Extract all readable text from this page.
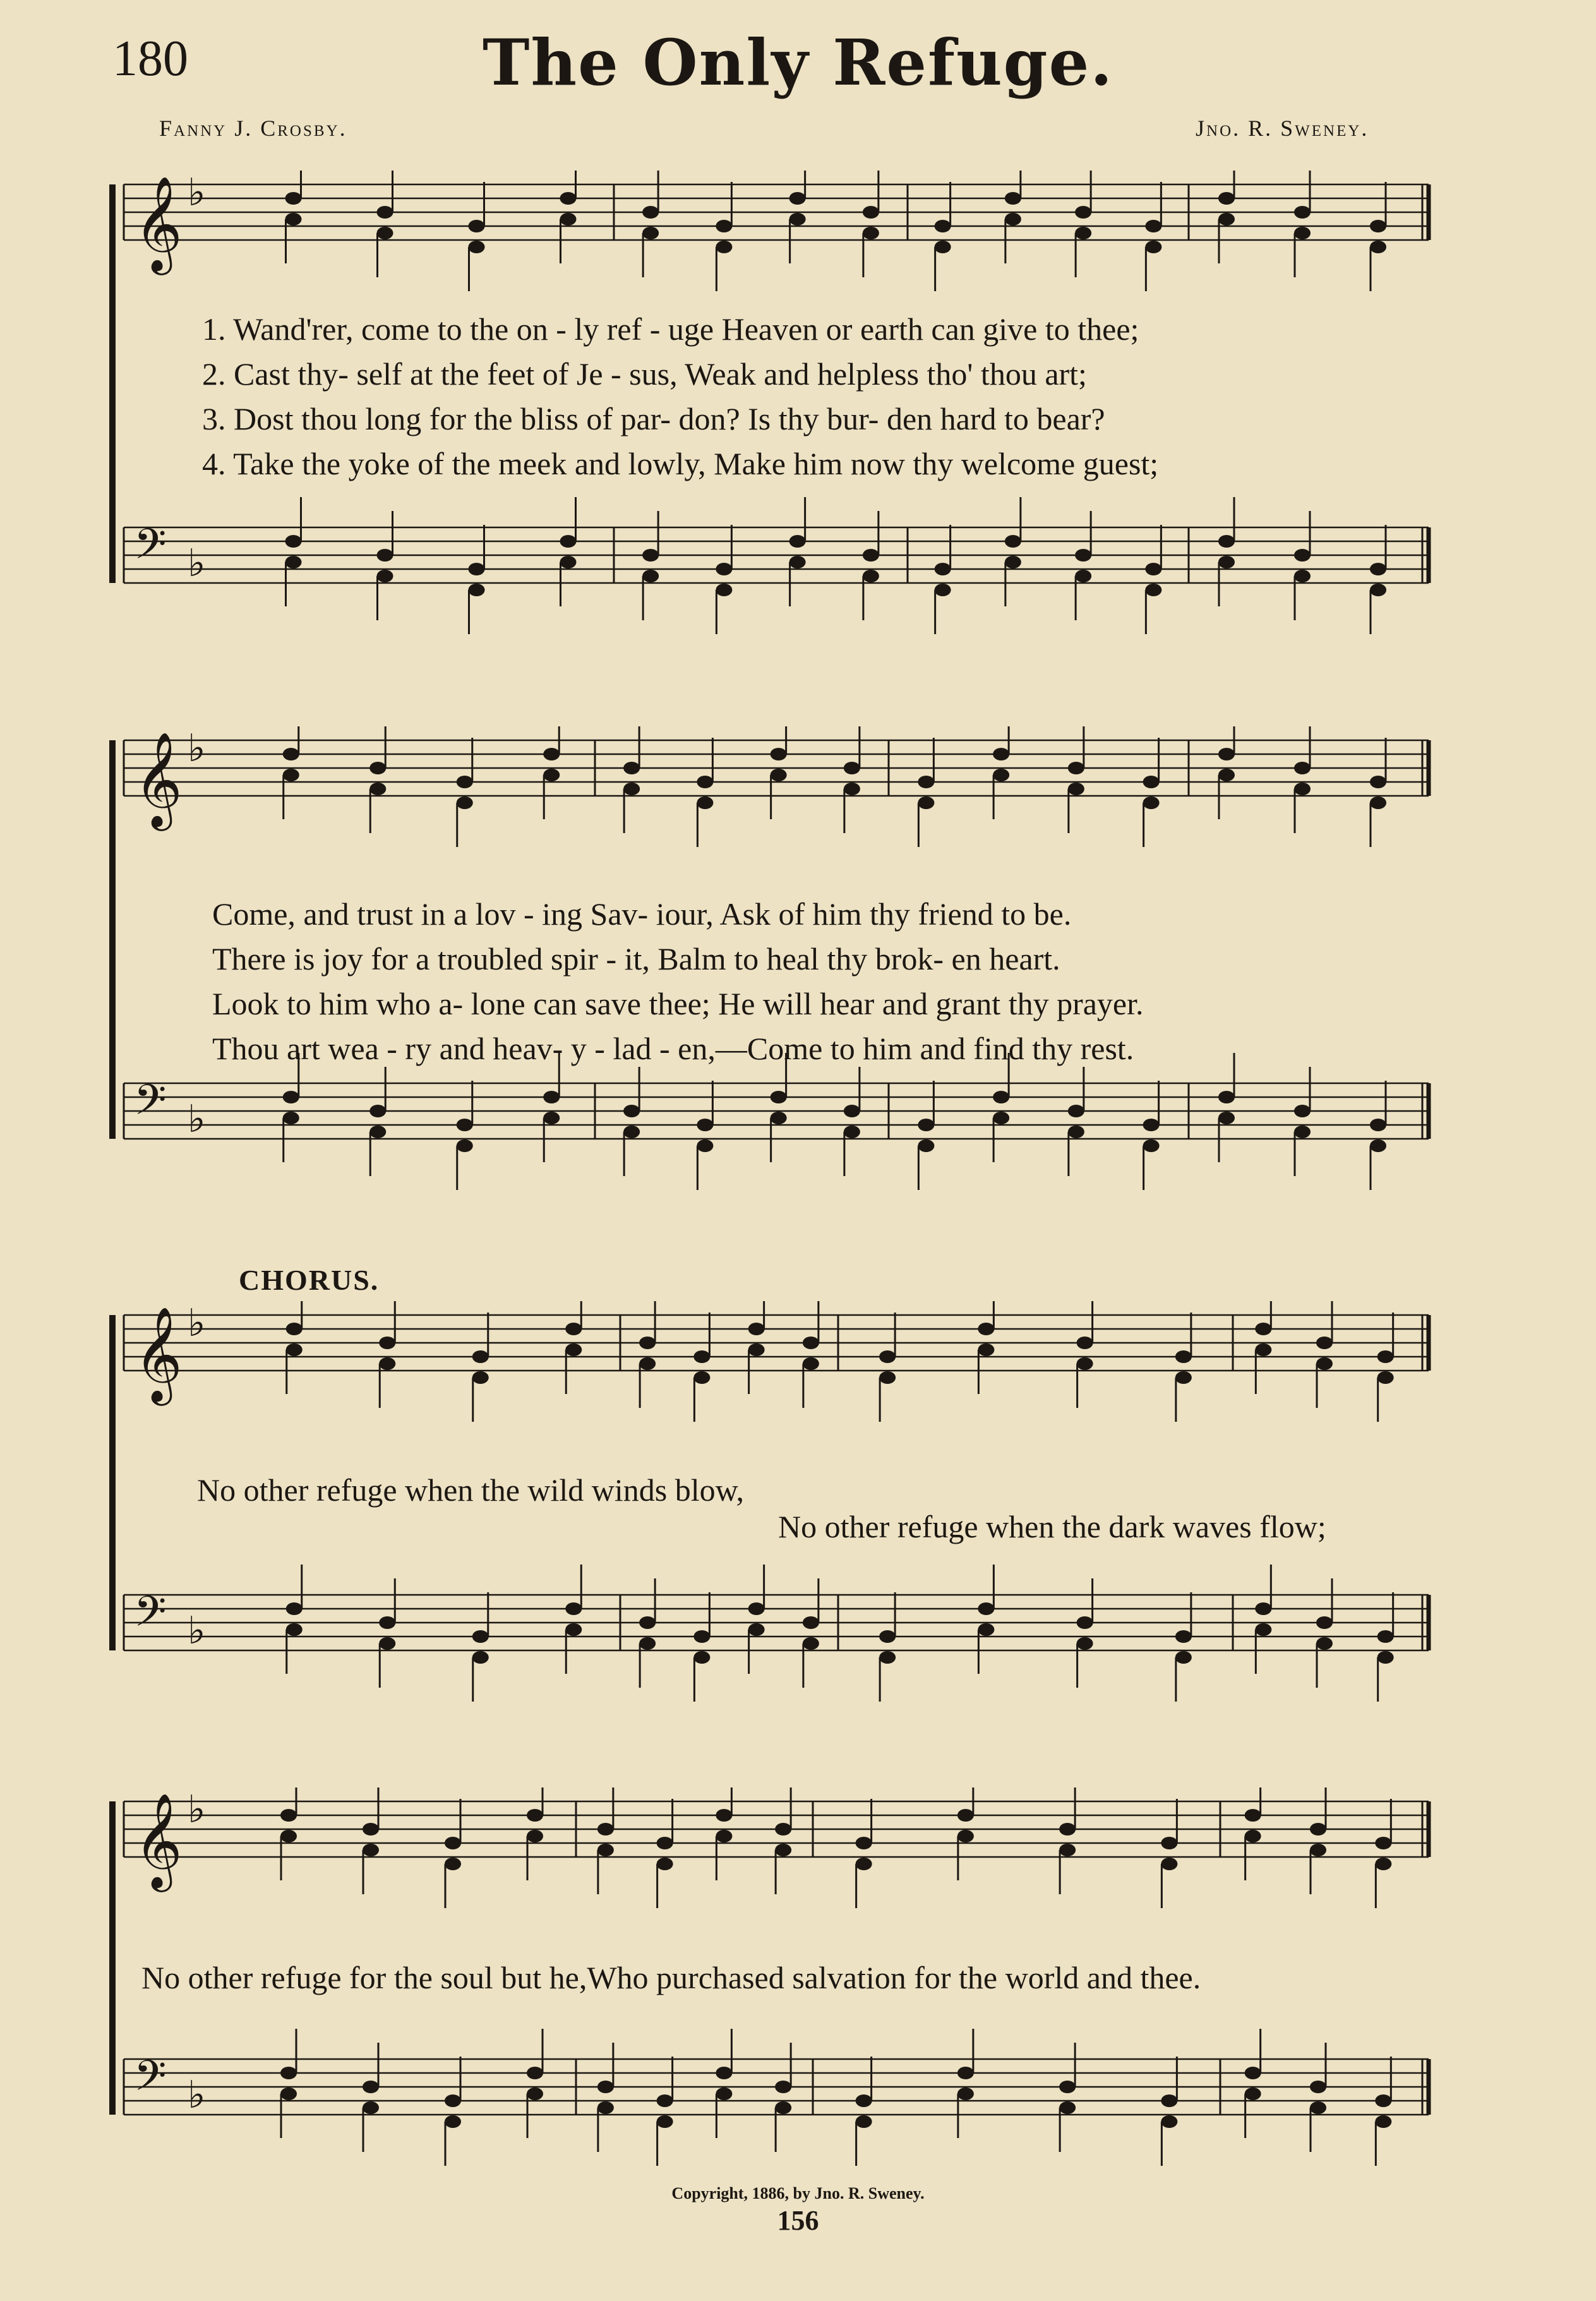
180	The Only Refuge.
Fanny J. Crosby.	Jno. R. Sweney.
𝄞 ♭
𝄢 ♭
1. Wand'rer, come to the on - ly ref - uge Heaven or earth can give to thee;
2. Cast thy- self at the feet of Je - sus, Weak and helpless tho' thou art;
3. Dost thou long for the bliss of par- don? Is thy bur- den hard to bear?
4. Take the yoke of the meek and lowly, Make him now thy welcome guest;
𝄞 ♭
𝄢 ♭
Come, and trust in a lov - ing Sav- iour, Ask of him thy friend to be.
There is joy for a troubled spir - it, Balm to heal thy brok- en heart.
Look to him who a- lone can save thee; He will hear and grant thy prayer.
Thou art wea - ry and heav- y - lad - en,—Come to him and find thy rest.
CHORUS.
𝄞 ♭
𝄢 ♭
No other refuge when the wild winds blow,
No other refuge when the dark waves flow;
𝄞 ♭
𝄢 ♭
No other refuge for the soul but he,Who purchased salvation for the world and thee.
Copyright, 1886, by Jno. R. Sweney.
156
